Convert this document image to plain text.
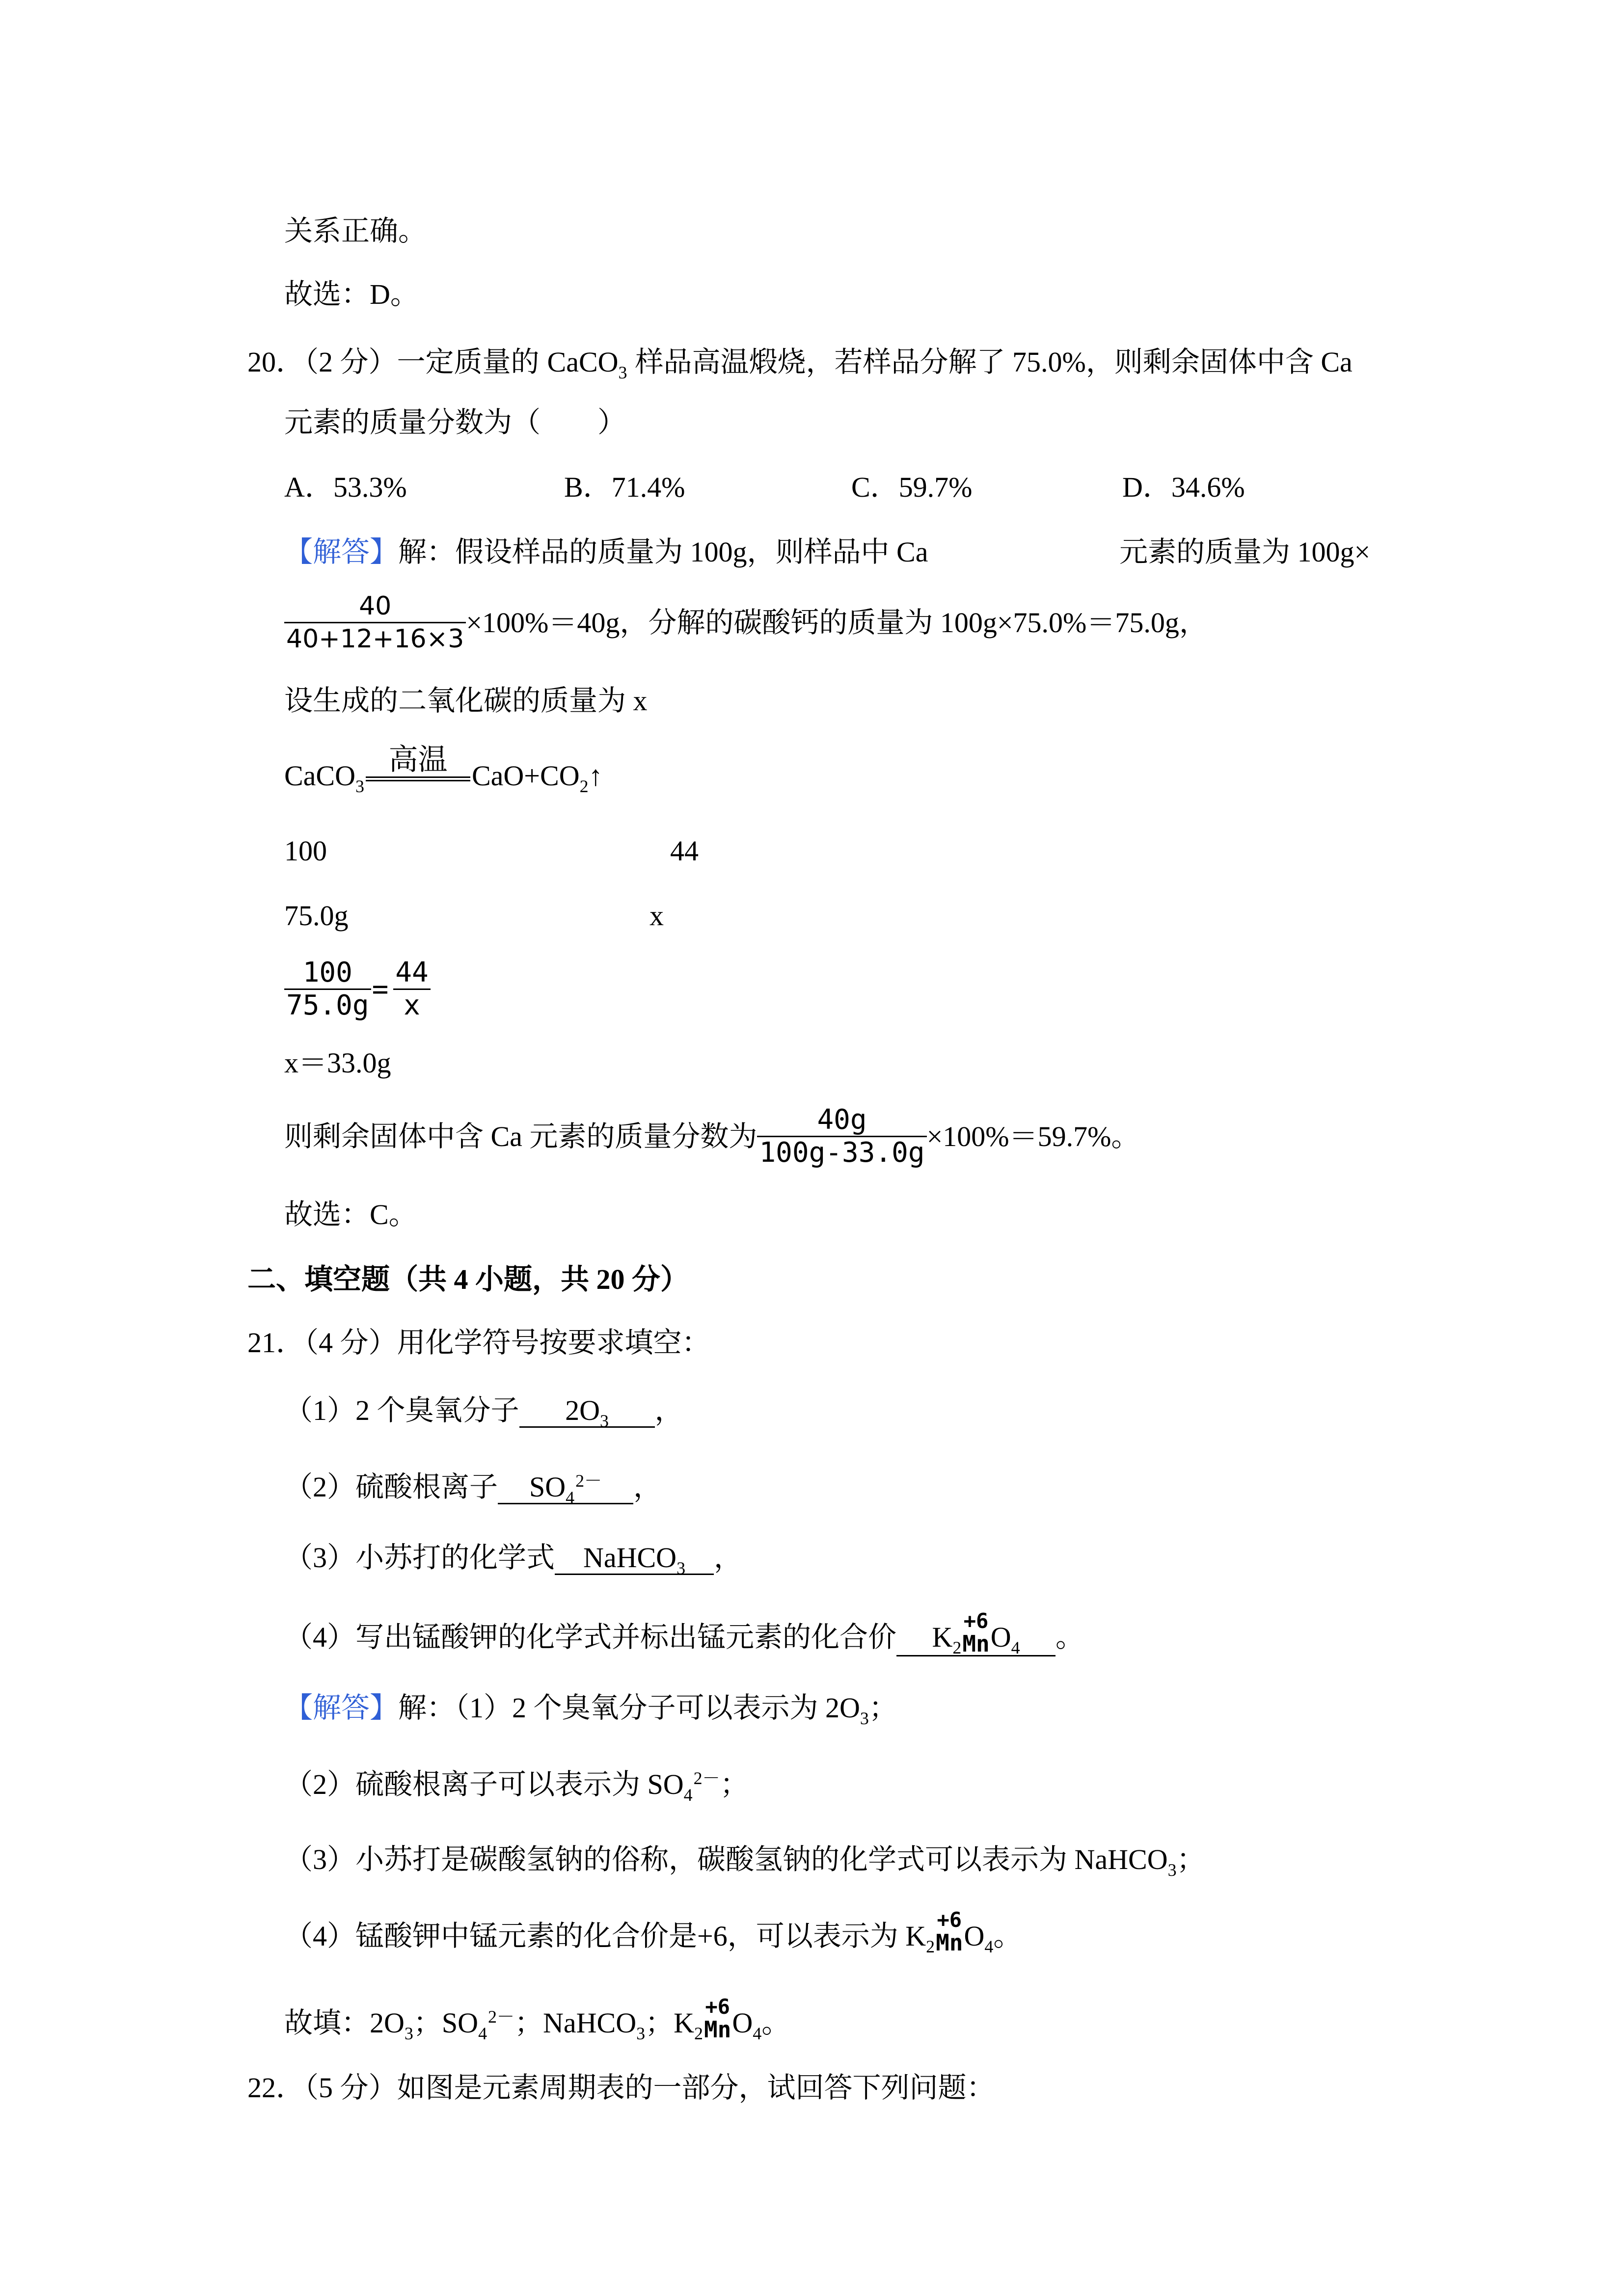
关系正确。
故选：D。
20．（2 分）一定质量的 CaCO$_3$ 样品高温煅烧，若样品分解了 75.0%，则剩余固体中含 Ca
元素的质量分数为（　　）
A．53.3%	B．71.4%	C．59.7%	D．34.6%
【解答】解：假设样品的质量为 100g，则样品中 Ca	元素的质量为 100g×
$\frac{40}{40+12+16\times 3} \times 100\%=40g$，分解的碳酸钙的质量为 100g×75.0%＝75.0g，
设生成的二氧化碳的质量为 x
CaCO$_3$
高温 $CaO+CO_2↑$
100	44
75.0g	x
$\frac{100}{75.0g} = \frac{44}{x}$
x＝33.0g
则剩余固体中含 Ca 元素的质量分数为 $\frac{40g}{100g-33.0g} \times 100\%=59.7\%$。
故选：C。
二、填空题（共 4 小题，共 20 分）
21．（4 分）用化学符号按要求填空：
（1）2 个臭氧分子 $2O_3$ ，
（2）硫酸根离子 $SO_4^{2-}$ ，
（3）小苏打的化学式 NaHCO$_3$ ，
（4）写出锰酸钾的化学式并标出锰元素的化合价 $K_2$
+6
MnO$_4$ 。
【解答】解：（1）2 个臭氧分子可以表示为 $2O_3$；
（2）硫酸根离子可以表示为 $SO_4^{2-}$；
（3）小苏打是碳酸氢钠的俗称，碳酸氢钠的化学式可以表示为 NaHCO$_3$；
（4）锰酸钾中锰元素的化合价是+6，可以表示为 $K_2$
+6
MnO$_4$。
故填：$2O_3$；$SO_4^{2-}$；NaHCO$_3$；$K_2$
+6
MnO$_4$。
22．（5 分）如图是元素周期表的一部分，试回答下列问题：
